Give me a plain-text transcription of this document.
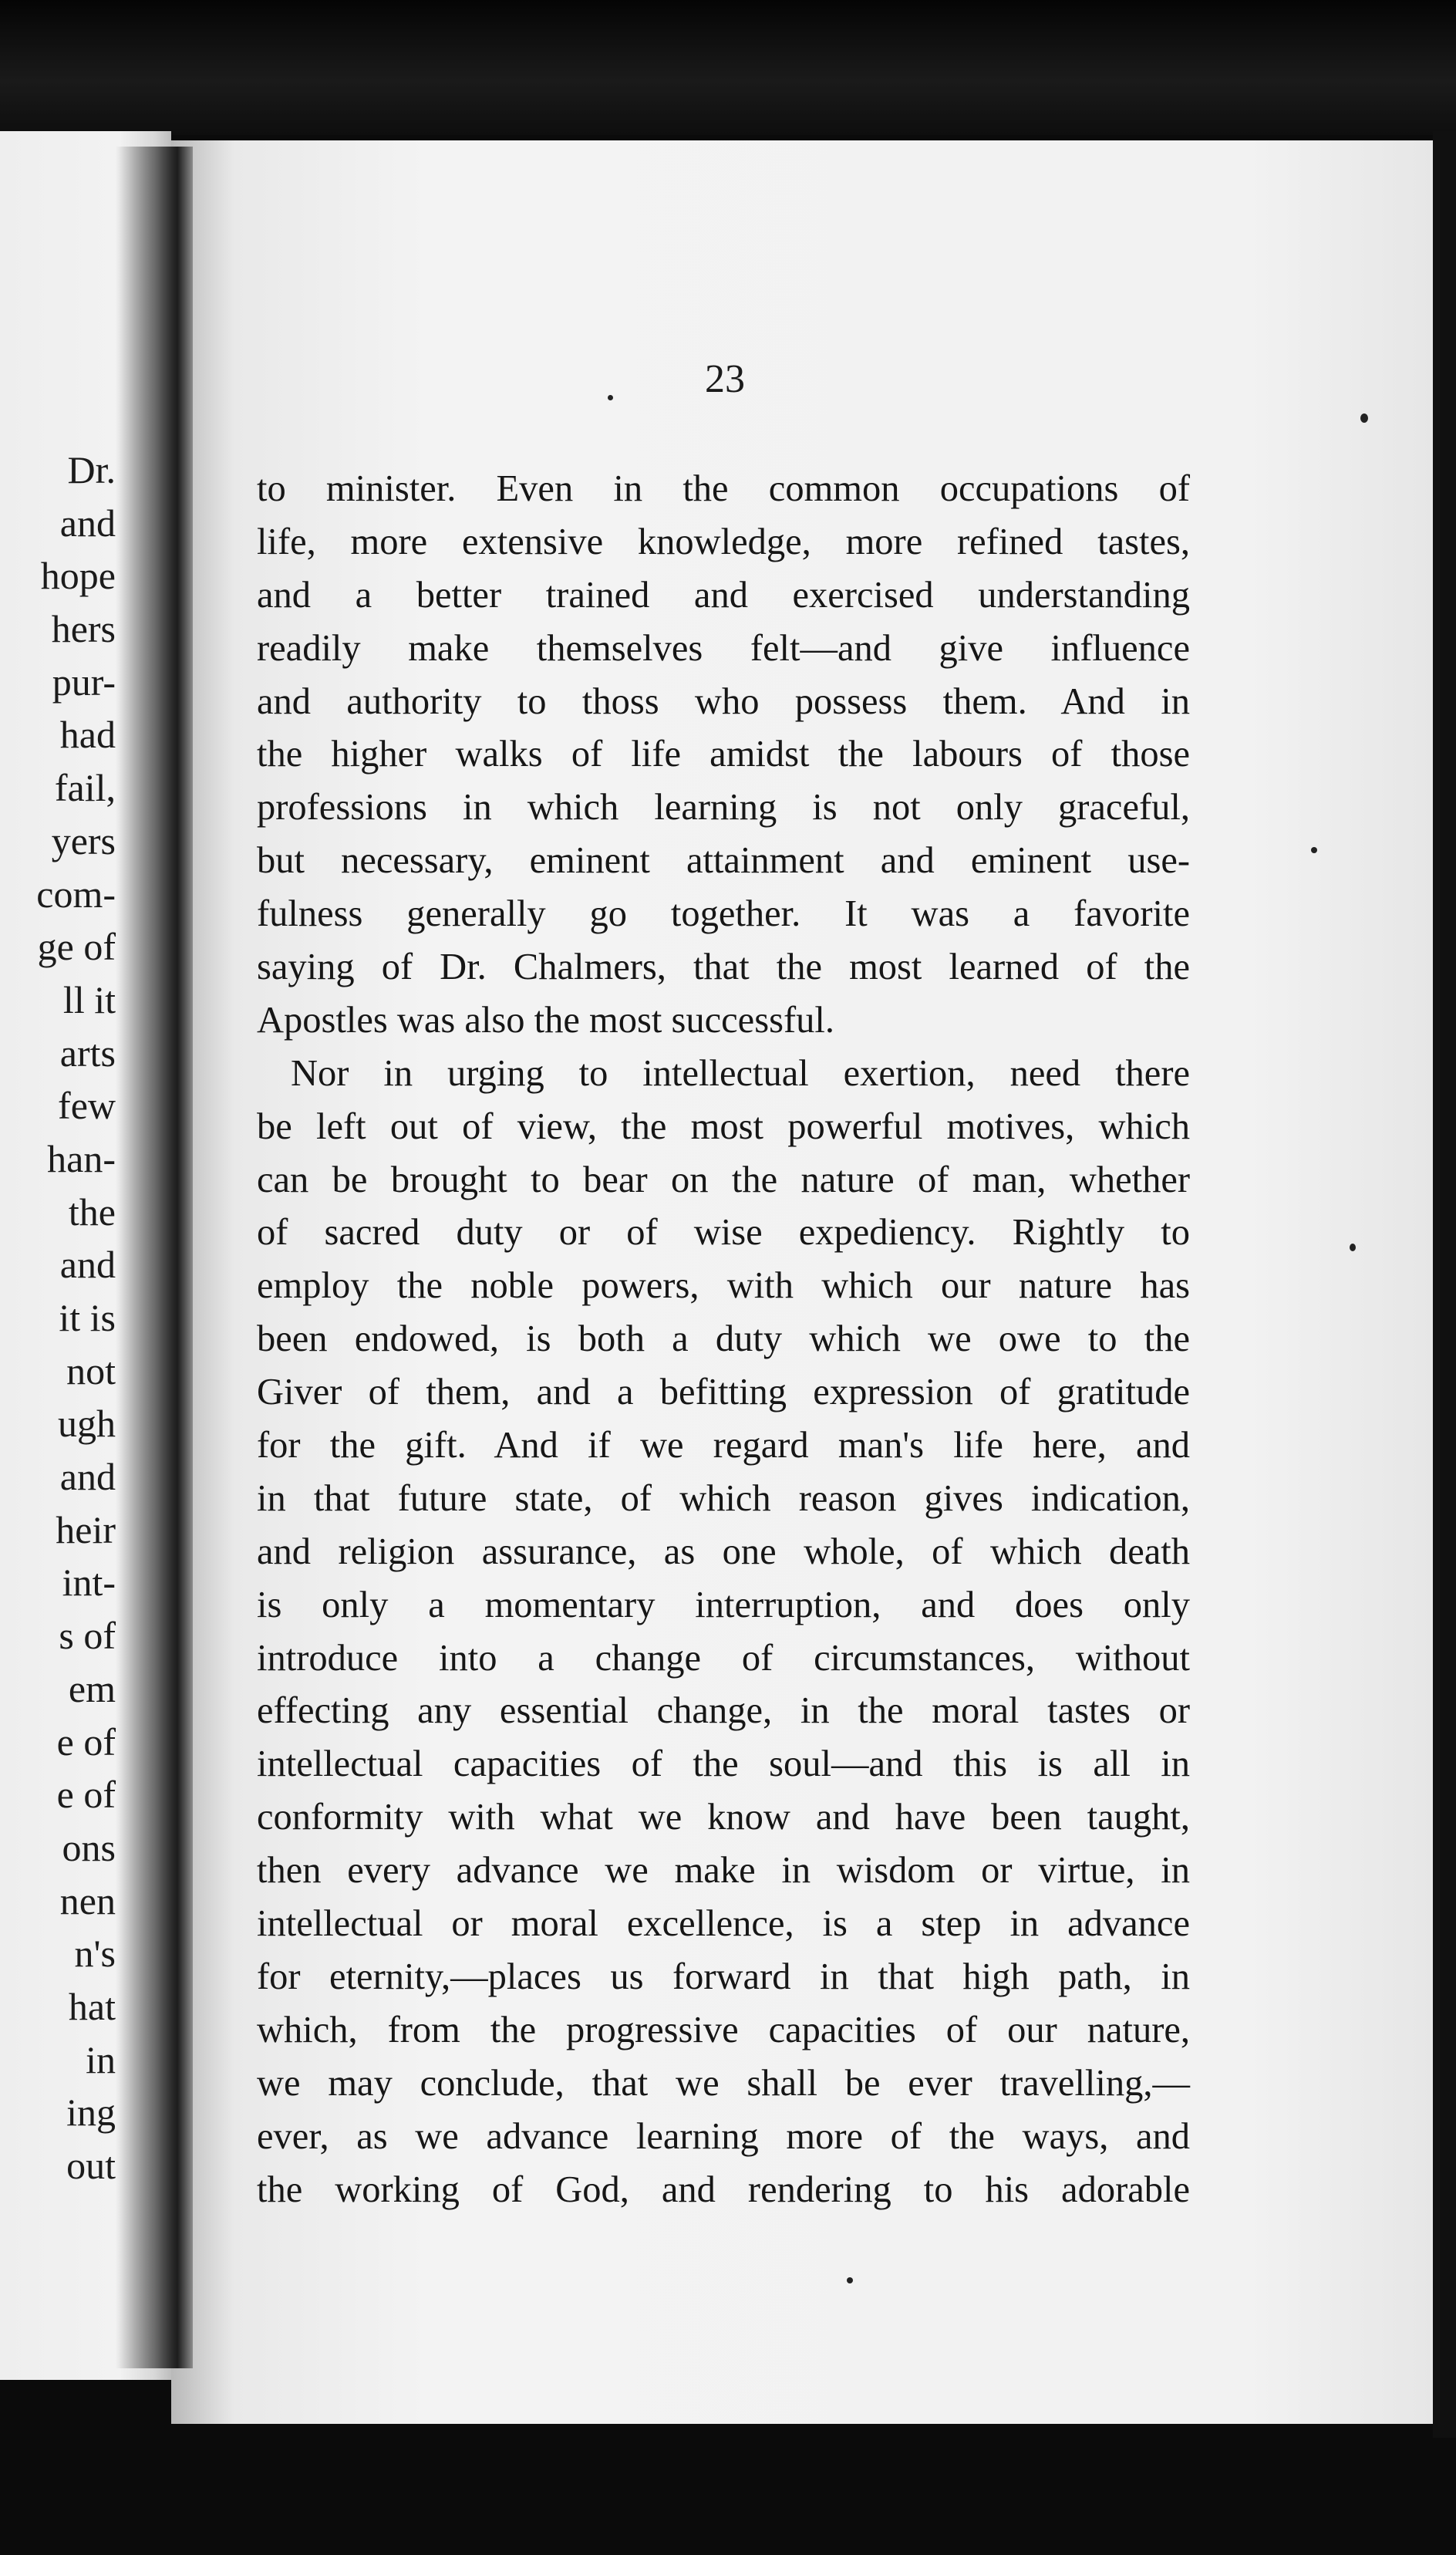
Dr.
and
hope
hers
pur-
had
fail,
yers
com-
ge of
ll it
arts
few
han-
the
and
it is
not
ugh
and
heir
int-
s of
em
e of
e of
ons
nen
n's
hat
in
ing
out
23
to minister. Even in the common occupations of
life, more extensive knowledge, more refined tastes,
and a better trained and exercised understanding
readily make themselves felt—and give influence
and authority to thoss who possess them. And in
the higher walks of life amidst the labours of those
professions in which learning is not only graceful,
but necessary, eminent attainment and eminent use-
fulness generally go together. It was a favorite
saying of Dr. Chalmers, that the most learned of the
Apostles was also the most successful.
Nor in urging to intellectual exertion, need there
be left out of view, the most powerful motives, which
can be brought to bear on the nature of man, whether
of sacred duty or of wise expediency. Rightly to
employ the noble powers, with which our nature has
been endowed, is both a duty which we owe to the
Giver of them, and a befitting expression of gratitude
for the gift. And if we regard man's life here, and
in that future state, of which reason gives indication,
and religion assurance, as one whole, of which death
is only a momentary interruption, and does only
introduce into a change of circumstances, without
effecting any essential change, in the moral tastes or
intellectual capacities of the soul—and this is all in
conformity with what we know and have been taught,
then every advance we make in wisdom or virtue, in
intellectual or moral excellence, is a step in advance
for eternity,—places us forward in that high path, in
which, from the progressive capacities of our nature,
we may conclude, that we shall be ever travelling,—
ever, as we advance learning more of the ways, and
the working of God, and rendering to his adorable
